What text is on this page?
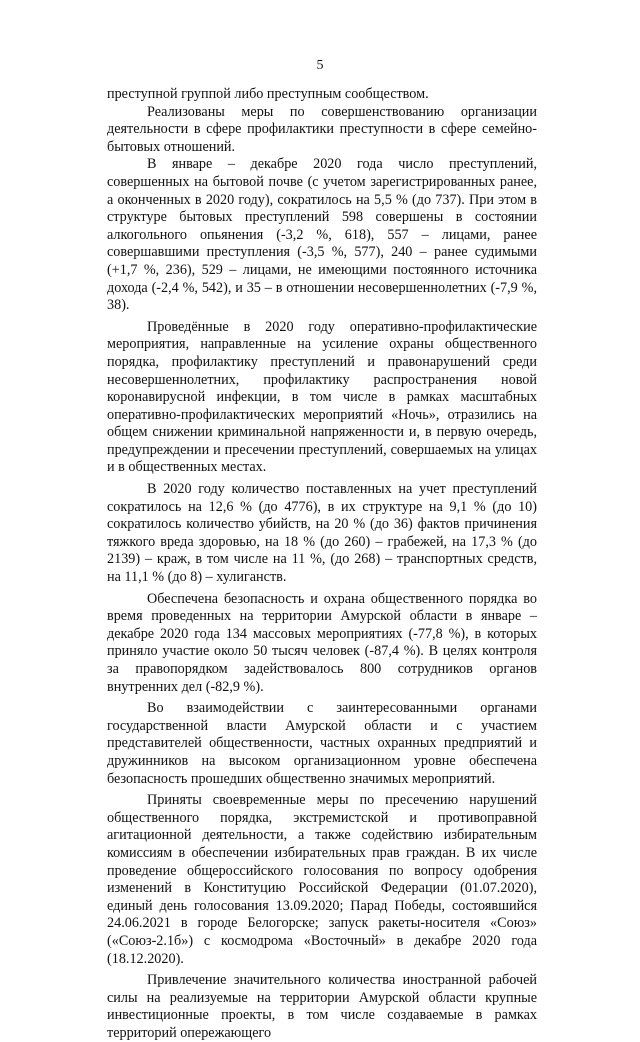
5

преступной группой либо преступным сообществом.

Реализованы меры по совершенствованию организации деятельности в сфере профилактики преступности в сфере семейно-бытовых отношений.

В январе – декабре 2020 года число преступлений, совершенных на бытовой почве (с учетом зарегистрированных ранее, а оконченных в 2020 году), сократилось на 5,5 % (до 737). При этом в структуре бытовых преступлений 598 совершены в состоянии алкогольного опьянения (-3,2 %, 618), 557 – лицами, ранее совершавшими преступления (-3,5 %, 577), 240 – ранее судимыми (+1,7 %, 236), 529 – лицами, не имеющими постоянного источника дохода (-2,4 %, 542), и 35 – в отношении несовершеннолетних (-7,9 %, 38).

Проведённые в 2020 году оперативно-профилактические мероприятия, направленные на усиление охраны общественного порядка, профилактику преступлений и правонарушений среди несовершеннолетних, профилактику распространения новой коронавирусной инфекции, в том числе в рамках масштабных оперативно-профилактических мероприятий «Ночь», отразились на общем снижении криминальной напряженности и, в первую очередь, предупреждении и пресечении преступлений, совершаемых на улицах и в общественных местах.

В 2020 году количество поставленных на учет преступлений сократилось на 12,6 % (до 4776), в их структуре на 9,1 % (до 10) сократилось количество убийств, на 20 % (до 36) фактов причинения тяжкого вреда здоровью, на 18 % (до 260) – грабежей, на 17,3 % (до 2139) – краж, в том числе на 11 %, (до 268) – транспортных средств, на 11,1 % (до 8) – хулиганств.

Обеспечена безопасность и охрана общественного порядка во время проведенных на территории Амурской области в январе – декабре 2020 года 134 массовых мероприятиях (-77,8 %), в которых приняло участие около 50 тысяч человек (-87,4 %). В целях контроля за правопорядком задействовалось 800 сотрудников органов внутренних дел (-82,9 %).

Во взаимодействии с заинтересованными органами государственной власти Амурской области и с участием представителей общественности, частных охранных предприятий и дружинников на высоком организационном уровне обеспечена безопасность прошедших общественно значимых мероприятий.

Приняты своевременные меры по пресечению нарушений общественного порядка, экстремистской и противоправной агитационной деятельности, а также содействию избирательным комиссиям в обеспечении избирательных прав граждан. В их числе проведение общероссийского голосования по вопросу одобрения изменений в Конституцию Российской Федерации (01.07.2020), единый день голосования 13.09.2020; Парад Победы, состоявшийся 24.06.2021 в городе Белогорске; запуск ракеты-носителя «Союз» («Союз-2.1б») с космодрома «Восточный» в декабре 2020 года (18.12.2020).

Привлечение значительного количества иностранной рабочей силы на реализуемые на территории Амурской области крупные инвестиционные проекты, в том числе создаваемые в рамках территорий опережающего
